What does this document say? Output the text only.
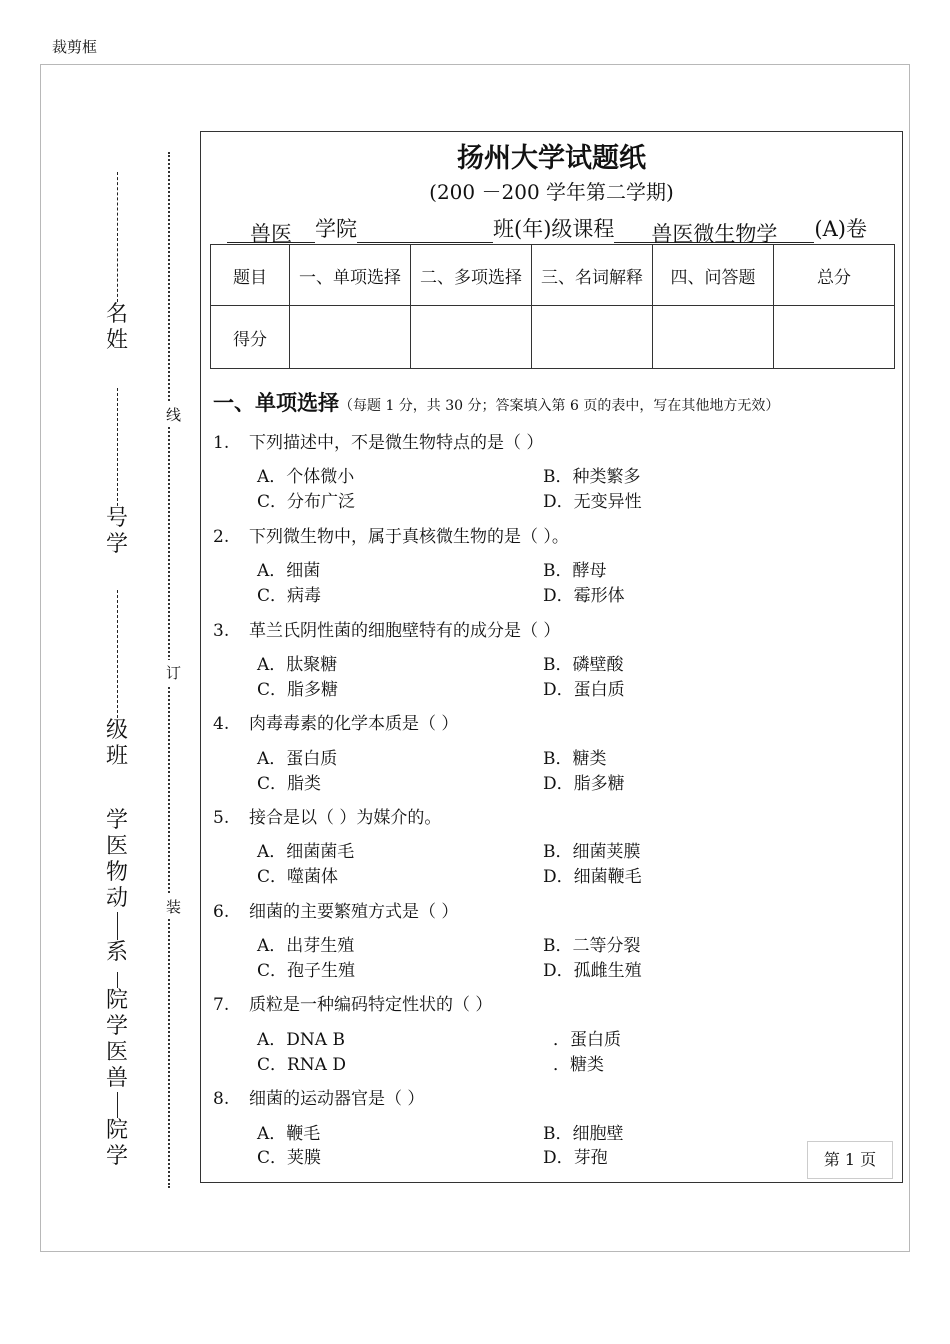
裁剪框
线
订
装
名姓
号学
级班
学医物动
系
院学医兽
院学
扬州大学试题纸
(200 －200 学年第二学期)
兽医 学院	班(年)级课程 兽医微生物学 (A)卷
题目	一、单项选择	二、多项选择	三、名词解释	四、问答题	总分
得分					
一、单项选择（每题 1 分，共 30 分；答案填入第 6 页的表中，写在其他地方无效）
1. 下列描述中，不是微生物特点的是（ ）
A．个体微小	B．种类繁多
C．分布广泛	D．无变异性
2. 下列微生物中，属于真核微生物的是（ ）。
A．细菌	B．酵母
C．病毒	D．霉形体
3. 革兰氏阴性菌的细胞壁特有的成分是（ ）
A．肽聚糖	B．磷壁酸
C．脂多糖	D．蛋白质
4. 肉毒毒素的化学本质是（ ）
A．蛋白质	B．糖类
C．脂类	D．脂多糖
5. 接合是以（ ）为媒介的。
A．细菌菌毛	B．细菌荚膜
C．噬菌体	D．细菌鞭毛
6. 细菌的主要繁殖方式是（ ）
A．出芽生殖	B．二等分裂
C．孢子生殖	D．孤雌生殖
7. 质粒是一种编码特定性状的（ ）
A．DNA B	．蛋白质
C．RNA D	．糖类
8. 细菌的运动器官是（ ）
A．鞭毛	B．细胞壁
C．荚膜	D．芽孢	第 1 页
